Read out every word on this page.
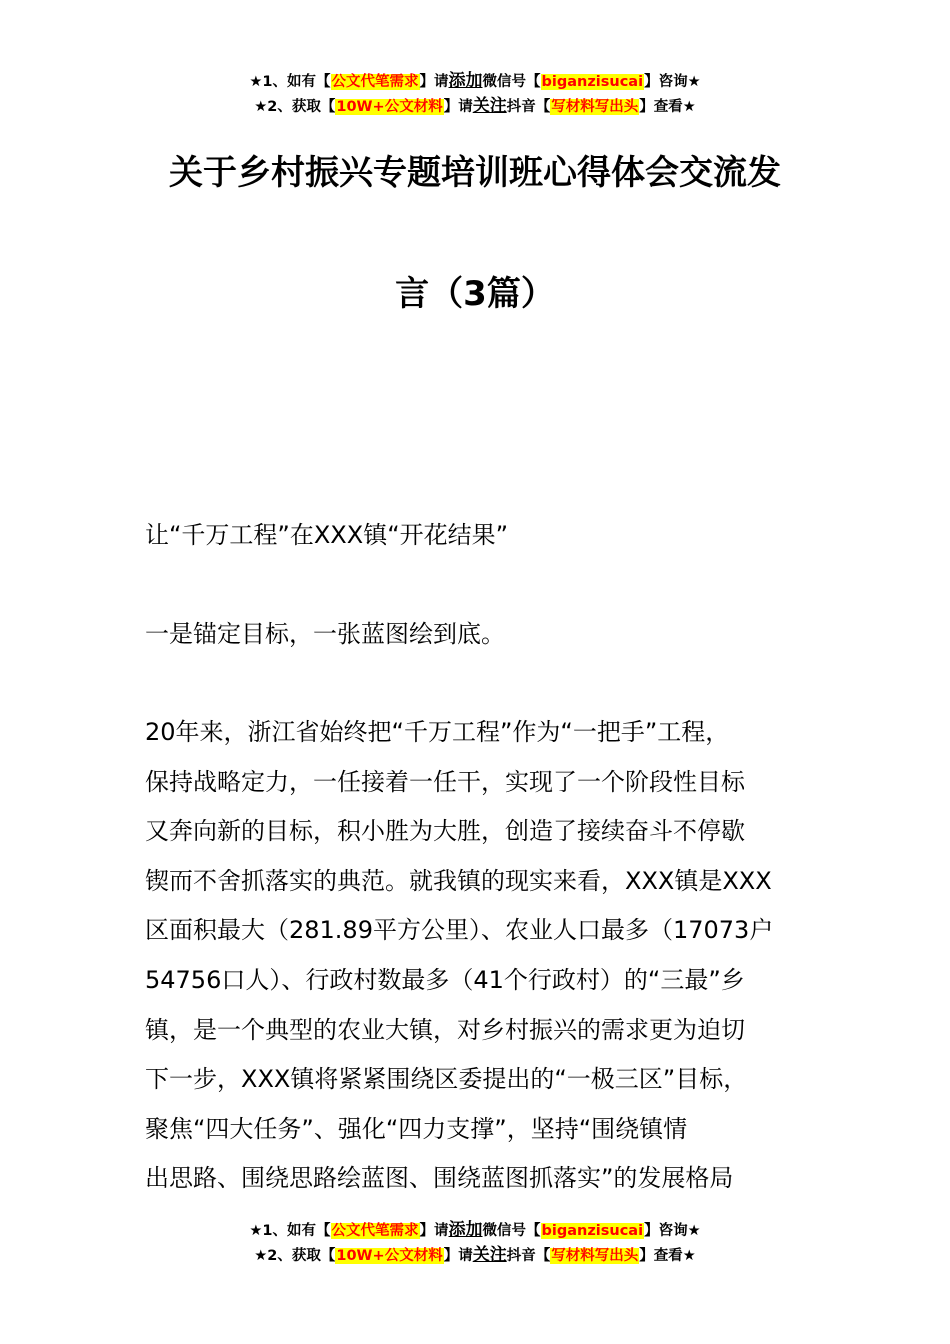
★1、如有【公文代笔需求】请添加微信号【biganzisucai】咨询★
★2、获取【10W+公文材料】请关注抖音【写材料写出头】查看★
关于乡村振兴专题培训班心得体会交流发
言（3篇）

让“千万工程”在XXX镇“开花结果”

一是锚定目标，一张蓝图绘到底。

20年来，浙江省始终把“千万工程”作为“一把手”工程，
保持战略定力，一任接着一任干，实现了一个阶段性目标
又奔向新的目标，积小胜为大胜，创造了接续奋斗不停歇
锲而不舍抓落实的典范。就我镇的现实来看，XXX镇是XXX
区面积最大（281.89平方公里）、农业人口最多（17073户
54756口人）、行政村数最多（41个行政村）的“三最”乡
镇，是一个典型的农业大镇，对乡村振兴的需求更为迫切
下一步，XXX镇将紧紧围绕区委提出的“一极三区”目标，
聚焦“四大任务”、强化“四力支撑”，坚持“围绕镇情
出思路、围绕思路绘蓝图、围绕蓝图抓落实”的发展格局
★1、如有【公文代笔需求】请添加微信号【biganzisucai】咨询★
★2、获取【10W+公文材料】请关注抖音【写材料写出头】查看★
